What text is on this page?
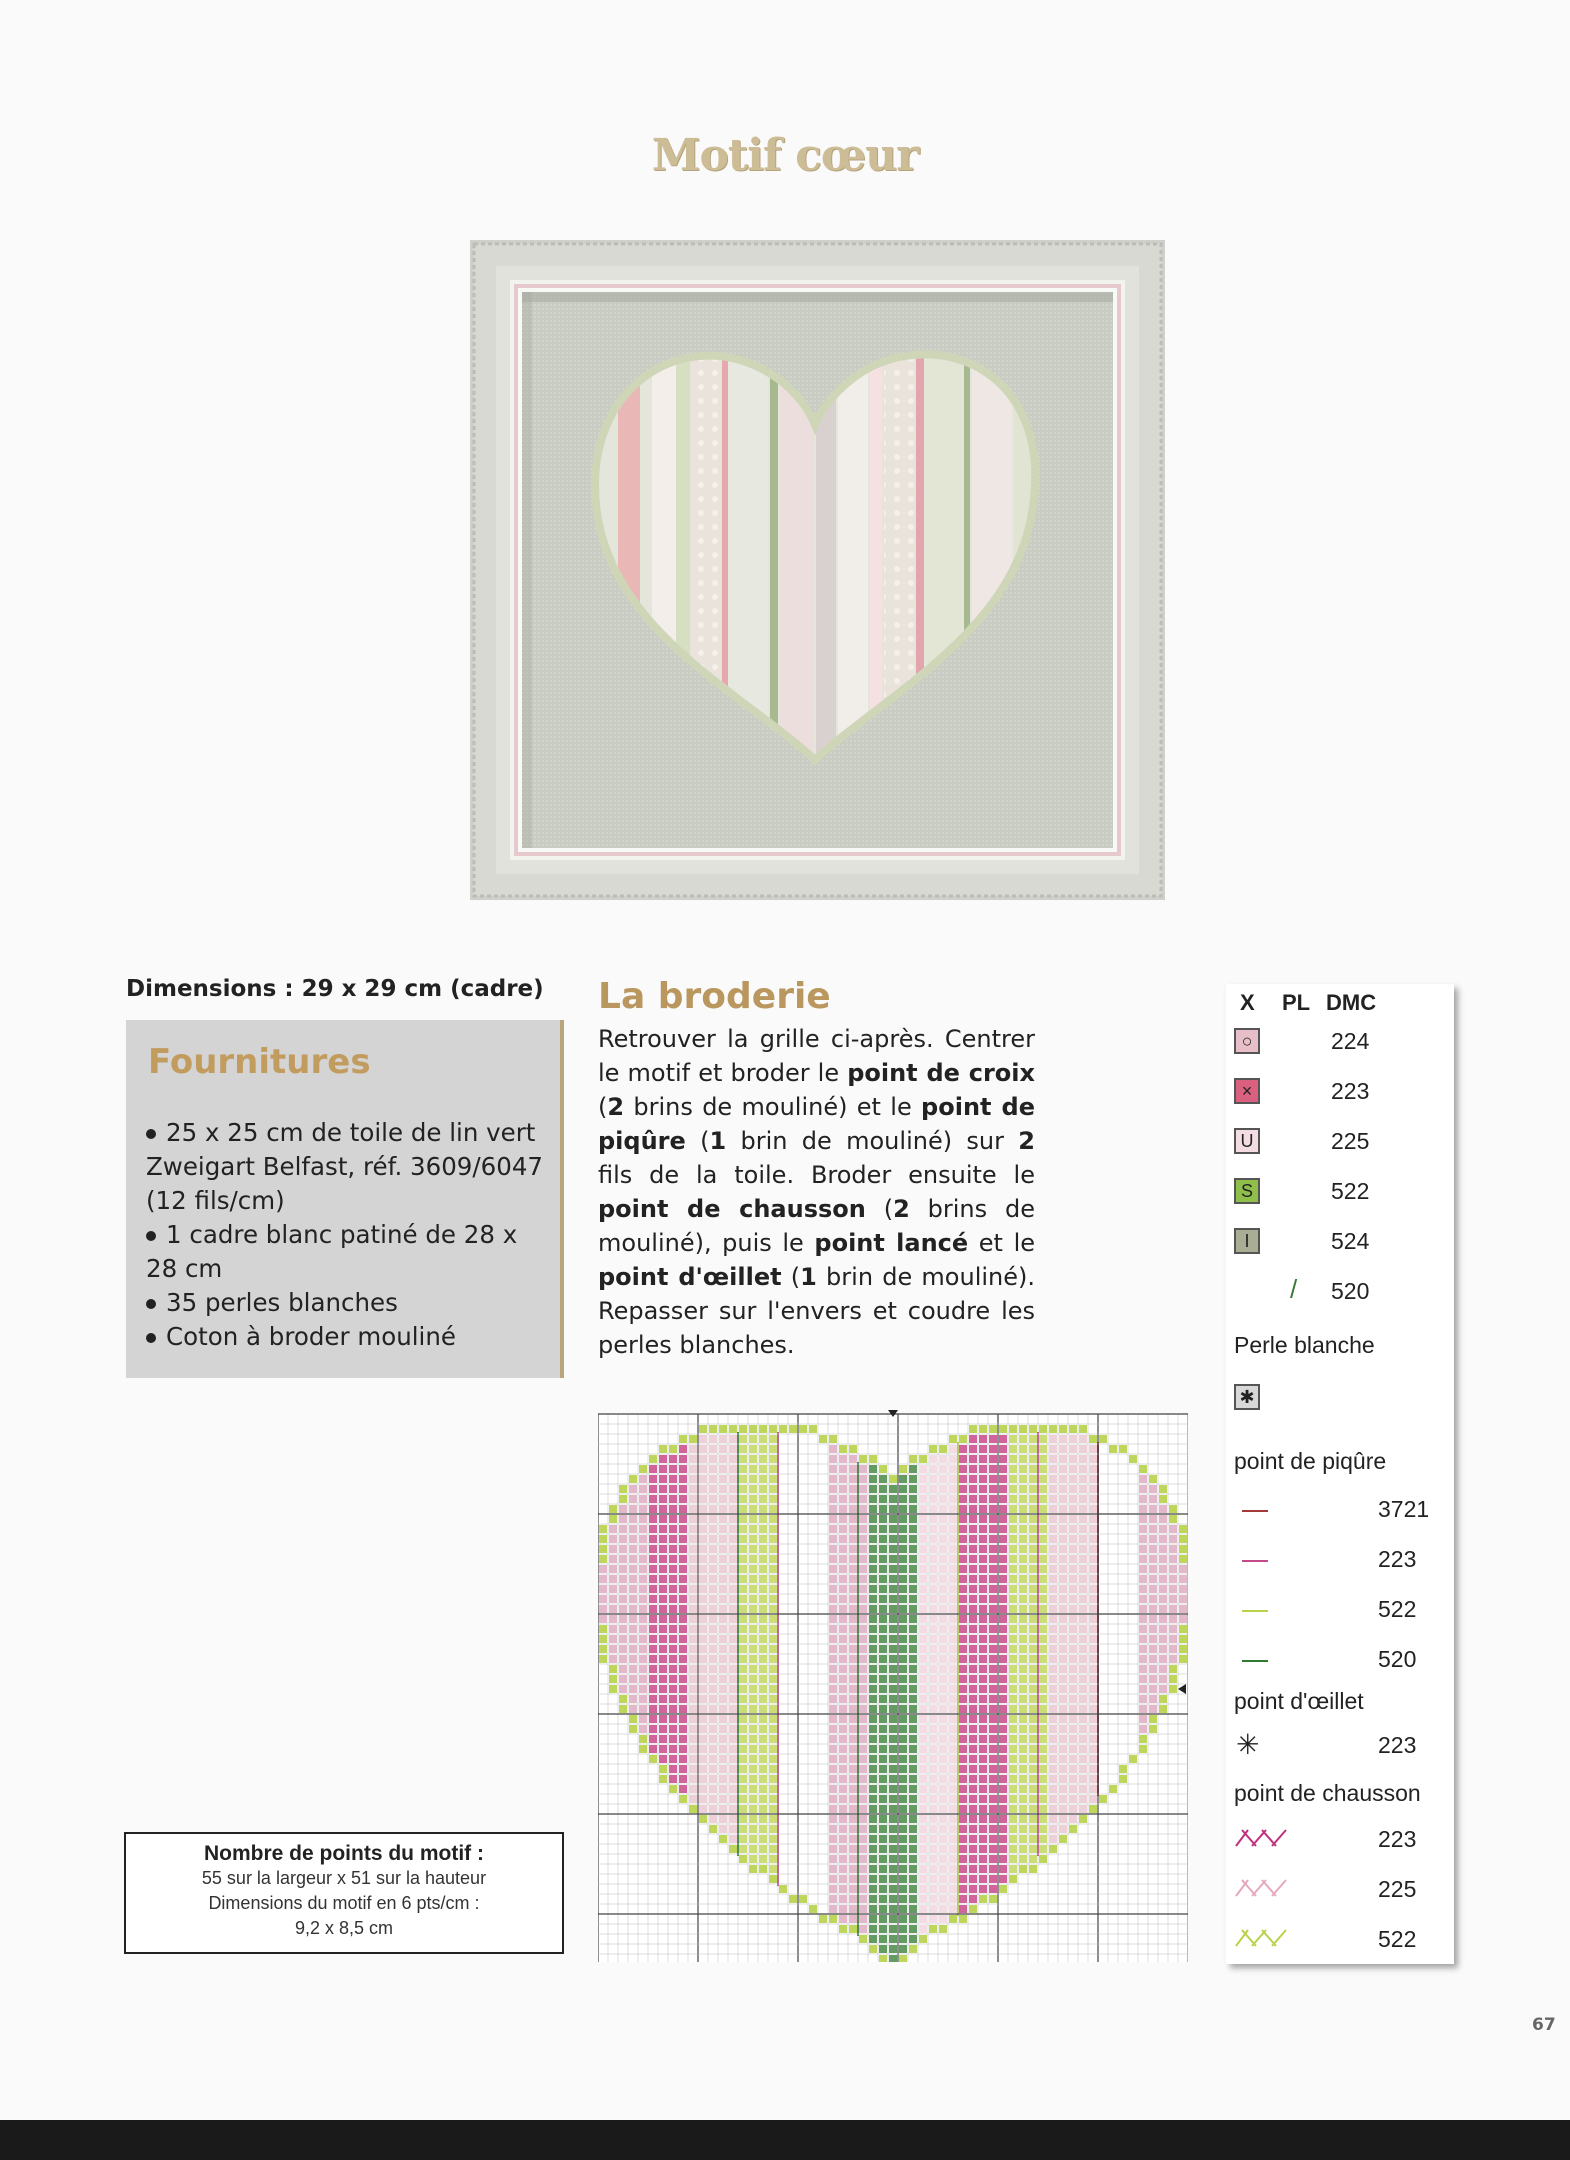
Motif cœur
Dimensions : 29 x 29 cm (cadre)
Fournitures
25 x 25 cm de toile de lin vert Zweigart Belfast, réf. 3609/6047 (12 fils/cm)
1 cadre blanc patiné de 28 x 28 cm
35 perles blanches
Coton à broder mouliné
La broderie
Retrouver la grille ci-après. Centrer le motif et broder le point de croix (2 brins de mouliné) et le point de piqûre (1 brin de mouliné) sur 2 fils de la toile. Broder ensuite le point de chausson (2 brins de mouliné), puis le point lancé et le point d'œillet (1 brin de mouliné). Repasser sur l'envers et coudre les perles blanches.
X PL DMC
○	224
×	223
U	225
S	522
I	524
/ 520
Perle blanche
✱
point de piqûre
3721
223
522
520
point d'œillet
✳	223
point de chausson
223
225
522
Nombre de points du motif :
55 sur la largeur x 51 sur la hauteur
Dimensions du motif en 6 pts/cm :
9,2 x 8,5 cm
67
